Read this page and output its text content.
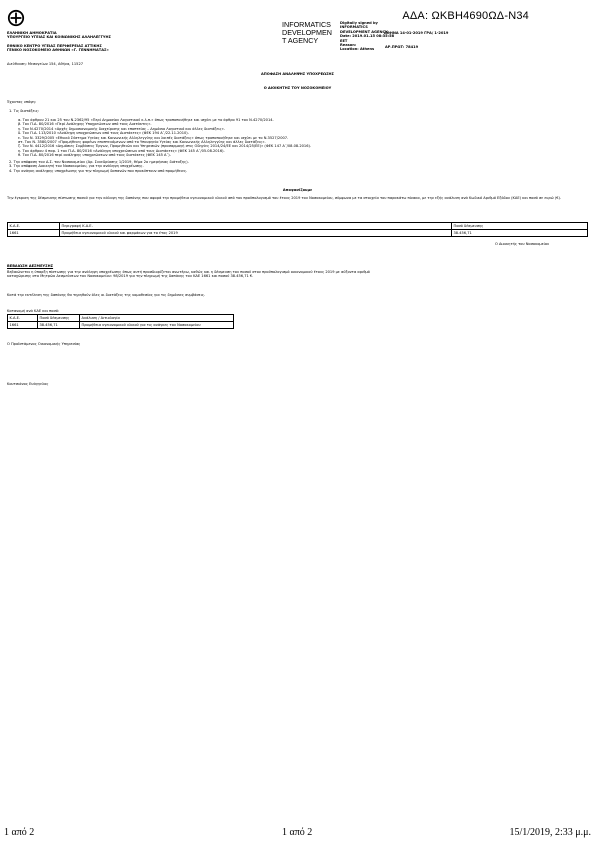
ΑΔΑ: ΩΚΒΗ4690ΩΔ-Ν34
ΕΛΛΗΝΙΚΗ ΔΗΜΟΚΡΑΤΙΑ
ΥΠΟΥΡΓΕΙΟ ΥΓΕΙΑΣ ΚΑΙ ΚΟΙΝΩΝΙΚΗΣ ΑΛΛΗΛΕΓΓΥΗΣ
ΕΘΝΙΚΟ ΚΕΝΤΡΟ ΥΓΕΙΑΣ ΠΕΡΙΦΕΡΕΙΑΣ ΑΤΤΙΚΗΣ
ΓΕΝΙΚΟ ΝΟΣΟΚΟΜΕΙΟ ΑΘΗΝΩΝ «Γ. ΓΕΝΝΗΜΑΤΑΣ»
Διεύθυνση: Μεσογείων 154, Αθήνα, 11527
INFORMATICS
DEVELOPMEN
T AGENCY
Digitally signed by
INFORMATICS
DEVELOPMENT AGENCY
Date: 2019.01.15 08:35:58
EET
Reason:
Location: Athens
ΑΘΗΝΑ 14-01-2019 ΓΡΑ/ 1-2019
ΑΡ.ΠΡΩΤ: 78419
ΑΠΟΦΑΣΗ ΑΝΑΛΗΨΗΣ ΥΠΟΧΡΕΩΣΗΣ
Ο ΔΙΟΙΚΗΤΗΣ ΤΟΥ ΝΟΣΟΚΟΜΕΙΟΥ
Έχοντας υπόψη:
1. Τις διατάξεις:
α. Του άρθρου 21 και 25 του Ν.2362/95 «Περί Δημοσίου Λογιστικού κ.λ.π.» όπως τροποποιήθηκε και ισχύει με το άρθρο 91 του Ν.4270/2014.
β. Του Π.Δ. 80/2016 «Περί Ανάληψης Υποχρεώσεων από τους Διατάκτες».
γ. Του Ν.4270/2014 «Αρχές δημοσιονομικής διαχείρισης και εποπτείας – Δημόσιο Λογιστικό και άλλες διατάξεις».
δ. Του Π.Δ. 113/2010 «Ανάληψη υποχρεώσεων από τους Διατάκτες» (ΦΕΚ 194 Α΄/22.11.2010).
ε. Του Ν. 3329/2005 «Εθνικό Σύστημα Υγείας και Κοινωνικής Αλληλεγγύης και λοιπές διατάξεις» όπως τροποποιήθηκε και ισχύει με το Ν.3527/2007.
στ. Του Ν. 3580/2007 «Προμήθειες φορέων εποπτευόμενων από το Υπουργείο Υγείας και Κοινωνικής Αλληλεγγύης και άλλες διατάξεις».
ζ. Του Ν. 4412/2016 «Δημόσιες Συμβάσεις Έργων, Προμηθειών και Υπηρεσιών (προσαρμογή στις Οδηγίες 2014/24/ΕΕ και 2014/25/ΕΕ)» (ΦΕΚ 147 Α΄/08.08.2016).
η. Του άρθρου 4 παρ. 1 του Π.Δ. 80/2016 «Ανάληψη υποχρεώσεων από τους Διατάκτες» (ΦΕΚ 145 Α΄/05.08.2016).
θ. Του Π.Δ. 80/2016 περί ανάληψης υποχρεώσεων από τους διατάκτες (ΦΕΚ 145 Α΄).
2. Την απόφαση του Δ.Σ. του Νοσοκομείου (Αρ. Συνεδρίασης 1/2019, θέμα 2ο ημερήσιας διάταξης).
3. Την απόφαση Διοικητή του Νοσοκομείου, για την ανάληψη υποχρέωσης.
4. Την ανάγκη ανάληψης υποχρέωσης για την πληρωμή δαπανών που προκύπτουν από προμήθειες.
Αποφασίζουμε
Την έγκριση της δέσμευσης πίστωσης ποσού για την κάλυψη της δαπάνης που αφορά την προμήθεια υγειονομικού υλικού από τον προϋπολογισμό του έτους 2019 του Νοσοκομείου, σύμφωνα με τα στοιχεία του παρακάτω πίνακα, με την εξής ανάλυση ανά Κωδικό Αριθμό Εξόδου (ΚΑΕ) και ποσό σε ευρώ (€).
Κ.Α.Ε.	Περιγραφή Κ.Α.Ε.	Ποσό δέσμευσης
1661	Προμήθεια υγειονομικού υλικού και φαρμάκων για το έτος 2019	38.456,71
Ο Διοικητής του Νοσοκομείου
ΒΕΒΑΙΩΣΗ ΔΕΣΜΕΥΣΗΣ
Βεβαιώνεται η ύπαρξη πίστωσης για την ανάληψη υποχρέωσης όπως αυτή προσδιορίζεται ανωτέρω, καθώς και η δέσμευση του ποσού στον προϋπολογισμό οικονομικού έτους 2019 με αύξοντα αριθμό
καταχώρισης στο Μητρώο Δεσμεύσεων του Νοσοκομείου: 98/2019 για την πληρωμή της δαπάνης του ΚΑΕ 1661 και ποσού 38.456,71 €.
Κατά την εκτέλεση της δαπάνης θα τηρηθούν όλες οι διατάξεις της νομοθεσίας για τις δημόσιες συμβάσεις.
Κατανομή ανά ΚΑΕ και ποσό:
Κ.Α.Ε.	Ποσό δέσμευσης	Ανάλυση / Αιτιολογία
1661	38.456,71	Προμήθεια υγειονομικού υλικού για τις ανάγκες του Νοσοκομείου
Ο Προϊστάμενος Οικονομικής Υπηρεσίας
Κουτσιάνος Ευάγγελος
1 από 2	1 από 2	15/1/2019, 2:33 μ.μ.
